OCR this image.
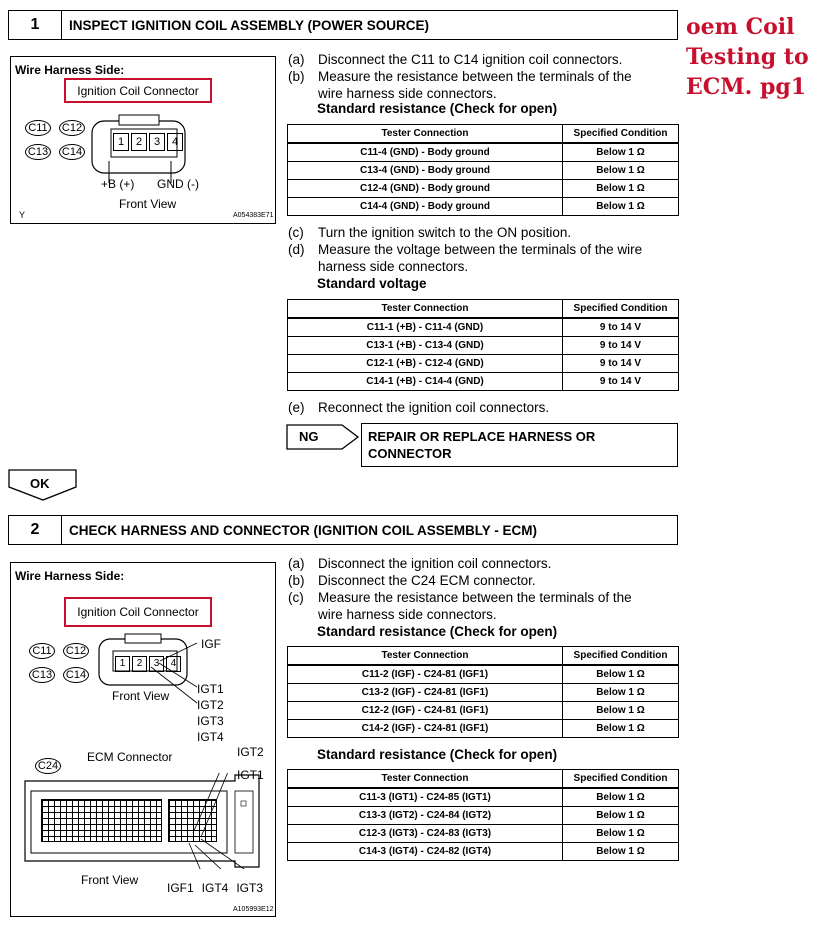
oem Coil
Testing to
ECM. pg1
1	INSPECT IGNITION COIL ASSEMBLY (POWER SOURCE)
Wire Harness Side:
Ignition Coil Connector
C11	C12
C13 C14
1	2	3	4
+B (+) GND (-)
Front View
Y	A054383E71
(a)	Disconnect the C11 to C14 ignition coil connectors.
(b)	Measure the resistance between the terminals of the
wire harness side connectors.
Standard resistance (Check for open)
Tester Connection	Specified Condition
C11-4 (GND) - Body ground	Below 1 Ω
C13-4 (GND) - Body ground	Below 1 Ω
C12-4 (GND) - Body ground	Below 1 Ω
C14-4 (GND) - Body ground	Below 1 Ω
(c)	Turn the ignition switch to the ON position.
(d)	Measure the voltage between the terminals of the wire
harness side connectors.
Standard voltage
Tester Connection	Specified Condition
C11-1 (+B) - C11-4 (GND)	9 to 14 V
C13-1 (+B) - C13-4 (GND)	9 to 14 V
C12-1 (+B) - C12-4 (GND)	9 to 14 V
C14-1 (+B) - C14-4 (GND)	9 to 14 V
(e)	Reconnect the ignition coil connectors.
NG	REPAIR OR REPLACE HARNESS OR
CONNECTOR
OK
2	CHECK HARNESS AND CONNECTOR (IGNITION COIL ASSEMBLY - ECM)
Wire Harness Side:
Ignition Coil Connector
C11	C12
C13 C14
1	2	3	4
IGF
Front View IGT1
IGT2
IGT3
IGT4
C24
ECM Connector	IGT2
IGT1
Front View
IGF1 IGT4 IGT3
A105993E12
(a)	Disconnect the ignition coil connectors.
(b)	Disconnect the C24 ECM connector.
(c)	Measure the resistance between the terminals of the
wire harness side connectors.
Standard resistance (Check for open)
Tester Connection	Specified Condition
C11-2 (IGF) - C24-81 (IGF1)	Below 1 Ω
C13-2 (IGF) - C24-81 (IGF1)	Below 1 Ω
C12-2 (IGF) - C24-81 (IGF1)	Below 1 Ω
C14-2 (IGF) - C24-81 (IGF1)	Below 1 Ω
Standard resistance (Check for open)
Tester Connection	Specified Condition
C11-3 (IGT1) - C24-85 (IGT1)	Below 1 Ω
C13-3 (IGT2) - C24-84 (IGT2)	Below 1 Ω
C12-3 (IGT3) - C24-83 (IGT3)	Below 1 Ω
C14-3 (IGT4) - C24-82 (IGT4)	Below 1 Ω
